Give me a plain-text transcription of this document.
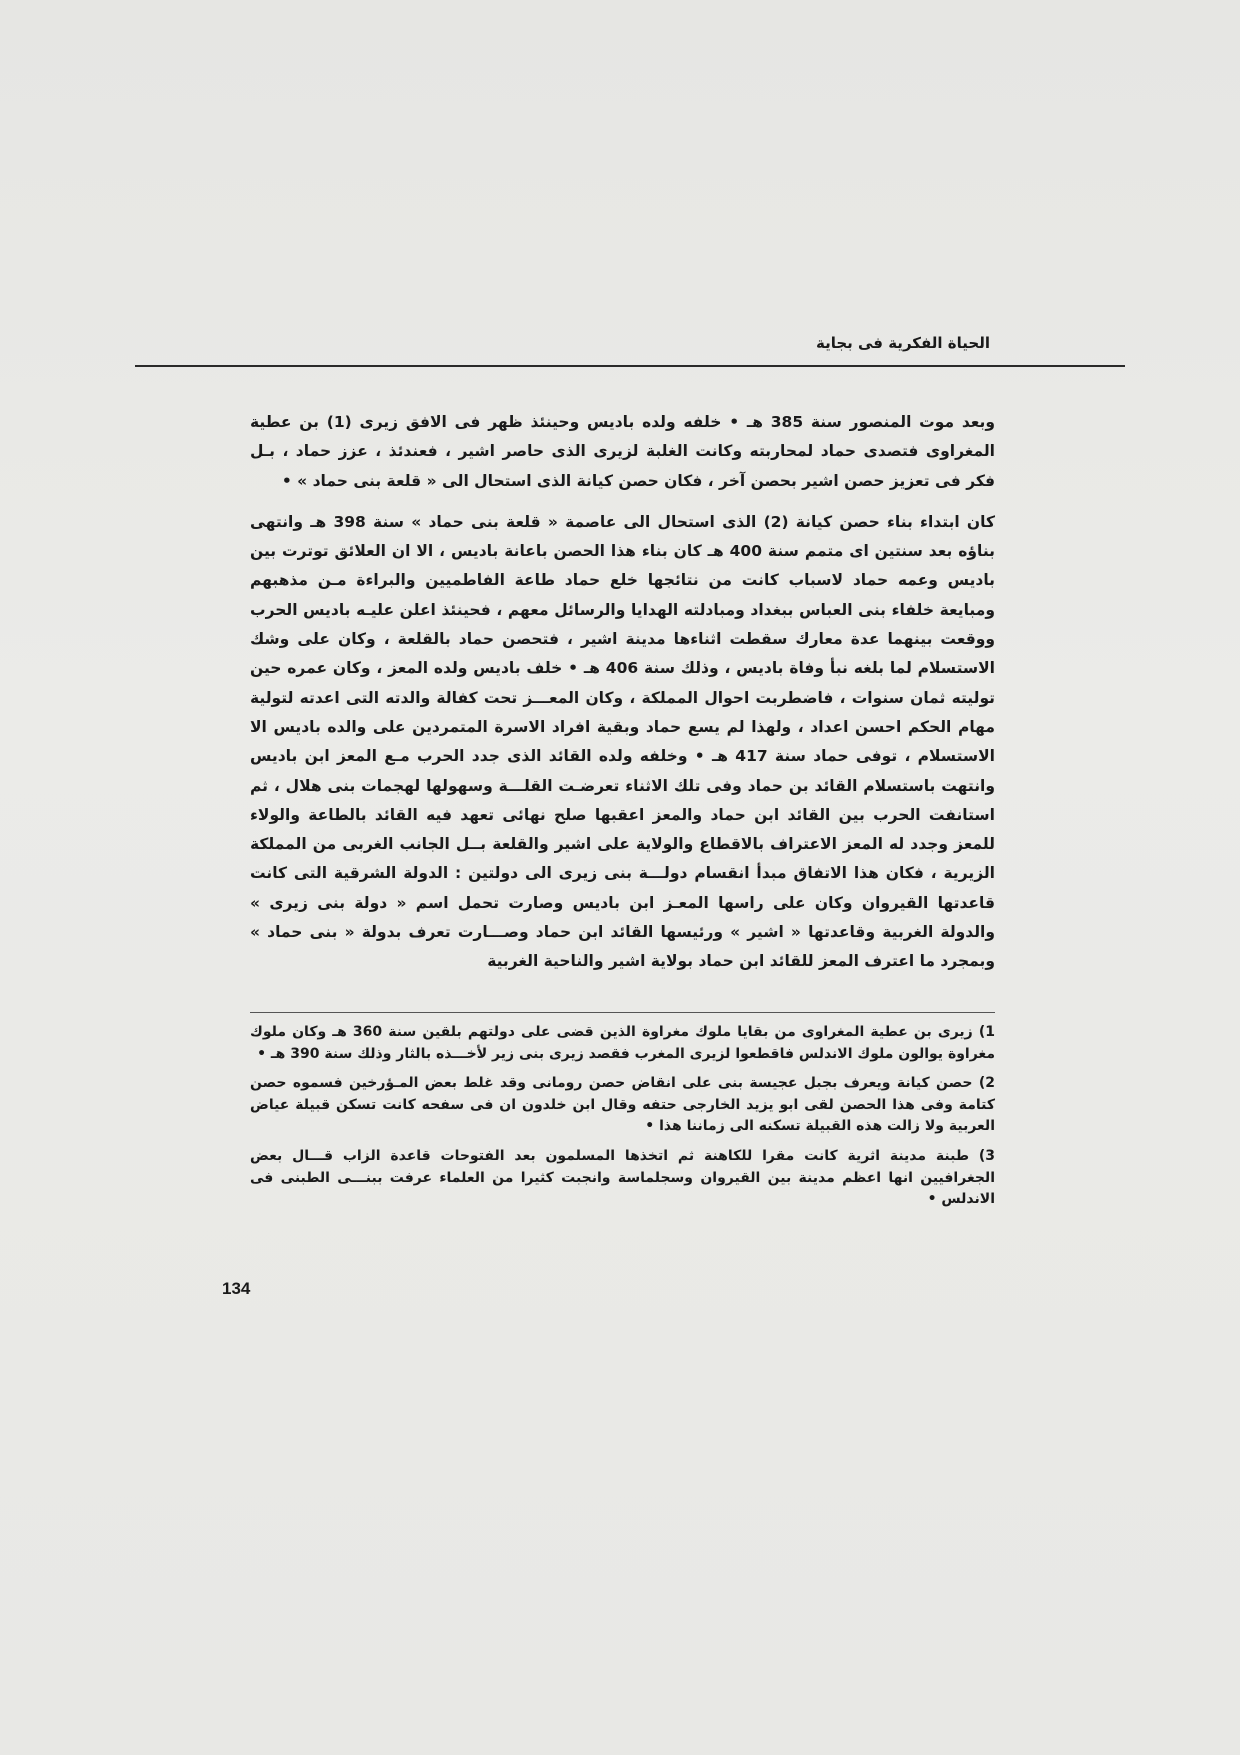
الحياة الفكرية فى بجاية

وبعد موت المنصور سنة 385 هـ • خلفه ولده باديس وحينئذ ظهر فى الافق زيرى (1) بن عطية المغراوى فتصدى حماد لمحاربته وكانت الغلبة لزيرى الذى حاصر اشير ، فعندئذ ، عزز حماد ، بـل فكر فى تعزيز حصن اشير بحصن آخر ، فكان حصن كيانة الذى استحال الى « قلعة بنى حماد » •

كان ابتداء بناء حصن كيانة (2) الذى استحال الى عاصمة « قلعة بنى حماد » سنة 398 هـ وانتهى بناؤه بعد سنتين اى متمم سنة 400 هـ كان بناء هذا الحصن باعانة باديس ، الا ان العلائق توترت بين باديس وعمه حماد لاسباب كانت من نتائجها خلع حماد طاعة الفاطميين والبراءة مـن مذهبهم ومبايعة خلفاء بنى العباس ببغداد ومبادلته الهدايا والرسائل معهم ، فحينئذ اعلن عليـه باديس الحرب ووقعت بينهما عدة معارك سقطت اثناءها مدينة اشير ، فتحصن حماد بالقلعة ، وكان على وشك الاستسلام لما بلغه نبأ وفاة باديس ، وذلك سنة 406 هـ • خلف باديس ولده المعز ، وكان عمره حين توليته ثمان سنوات ، فاضطربت احوال المملكة ، وكان المعـــز تحت كفالة والدته التى اعدته لتولية مهام الحكم احسن اعداد ، ولهذا لم يسع حماد وبقية افراد الاسرة المتمردين على والده باديس الا الاستسلام ، توفى حماد سنة 417 هـ • وخلفه ولده القائد الذى جدد الحرب مـع المعز ابن باديس وانتهت باستسلام القائد بن حماد وفى تلك الاثناء تعرضـت القلـــة وسهولها لهجمات بنى هلال ، ثم استانفت الحرب بين القائد ابن حماد والمعز اعقبها صلح نهائى تعهد فيه القائد بالطاعة والولاء للمعز وجدد له المعز الاعتراف بالاقطاع والولاية على اشير والقلعة بــل الجانب الغربى من المملكة الزيرية ، فكان هذا الاتفاق مبدأ انقسام دولـــة بنى زيرى الى دولتين : الدولة الشرقية التى كانت قاعدتها القيروان وكان على راسها المعـز ابن باديس وصارت تحمل اسم « دولة بنى زيرى » والدولة الغربية وقاعدتها « اشير » ورئيسها القائد ابن حماد وصـــارت تعرف بدولة « بنى حماد » وبمجرد ما اعترف المعز للقائد ابن حماد بولاية اشير والناحية الغربية

1) زيرى بن عطية المغراوى من بقايا ملوك مغراوة الذين قضى على دولتهم بلقين سنة 360 هـ وكان ملوك مغراوة يوالون ملوك الاندلس فاقطعوا لزيرى المغرب فقصد زيرى بنى زير لأخـــذه بالثار وذلك سنة 390 هـ •

2) حصن كيانة ويعرف بجبل عجيسة بنى على انقاض حصن رومانى وقد غلط بعض المـؤرخين فسموه حصن كتامة وفى هذا الحصن لقى ابو يزيد الخارجى حتفه وقال ابن خلدون ان فى سفحه كانت تسكن قبيلة عياض العربية ولا زالت هذه القبيلة تسكنه الى زماننا هذا •

3) طبنة مدينة اثرية كانت مقرا للكاهنة ثم اتخذها المسلمون بعد الفتوحات قاعدة الزاب قـــال بعض الجغرافيين انها اعظم مدينة بين القيروان وسجلماسة وانجبت كثيرا من العلماء عرفت ببنـــى الطبنى فى الاندلس •

134
